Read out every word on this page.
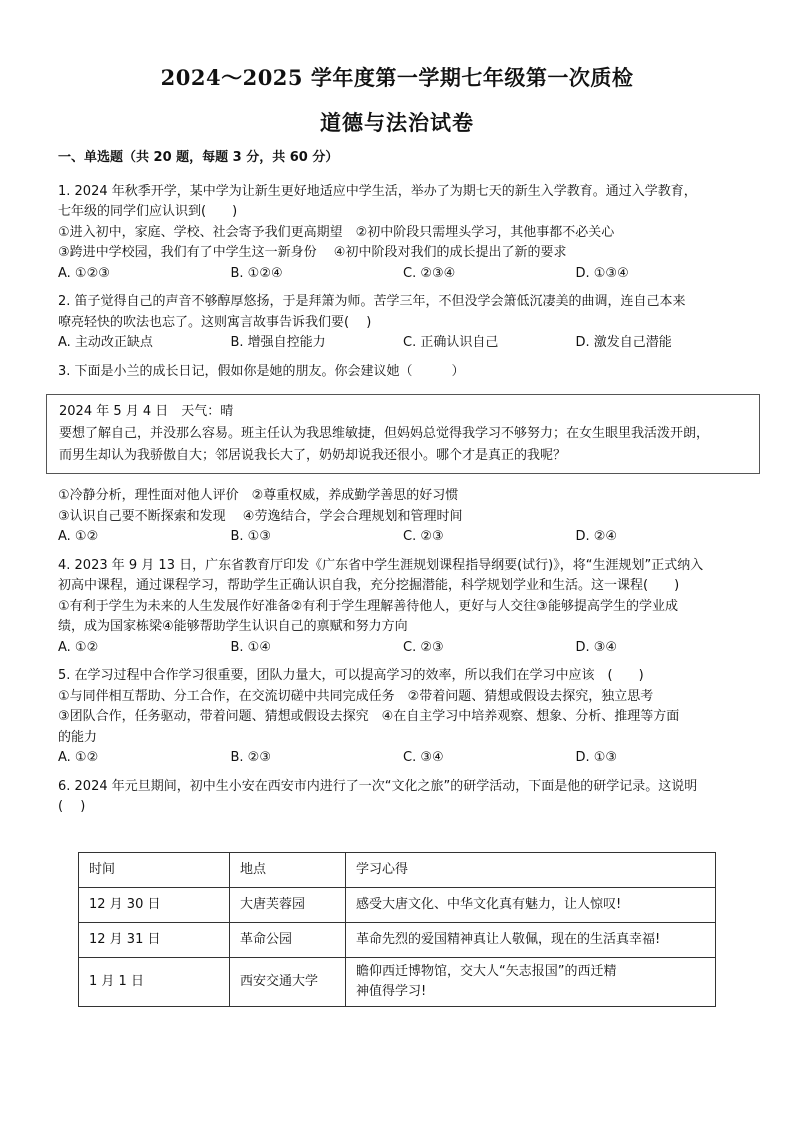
2024～2025 学年度第一学期七年级第一次质检
道德与法治试卷
一、单选题（共 20 题，每题 3 分，共 60 分）

1. 2024 年秋季开学，某中学为让新生更好地适应中学生活，举办了为期七天的新生入学教育。通过入学教育，

七年级的同学们应认识到(　　)

①进入初中，家庭、学校、社会寄予我们更高期望　②初中阶段只需埋头学习，其他事都不必关心

③跨进中学校园，我们有了中学生这一新身份　 ④初中阶段对我们的成长提出了新的要求

A. ①②③	B. ①②④	C. ②③④	D. ①③④

2. 笛子觉得自己的声音不够醇厚悠扬，于是拜箫为师。苦学三年，不但没学会箫低沉凄美的曲调，连自己本来

嘹亮轻快的吹法也忘了。这则寓言故事告诉我们要(　 )

A. 主动改正缺点	B. 增强自控能力	C. 正确认识自己	D. 激发自己潜能

3. 下面是小兰的成长日记，假如你是她的朋友。你会建议她（　　　）

2024 年 5 月 4 日　天气：晴
要想了解自己，并没那么容易。班主任认为我思维敏捷，但妈妈总觉得我学习不够努力；在女生眼里我活泼开朗，
而男生却认为我骄傲自大；邻居说我长大了，奶奶却说我还很小。哪个才是真正的我呢？

①冷静分析，理性面对他人评价　②尊重权威，养成勤学善思的好习惯

③认识自己要不断探索和发现　 ④劳逸结合，学会合理规划和管理时间

A. ①②	B. ①③	C. ②③	D. ②④

4. 2023 年 9 月 13 日，广东省教育厅印发《广东省中学生涯规划课程指导纲要(试行)》，将“生涯规划”正式纳入

初高中课程，通过课程学习，帮助学生正确认识自我，充分挖掘潜能，科学规划学业和生活。这一课程(　　)

①有利于学生为未来的人生发展作好准备②有利于学生理解善待他人，更好与人交往③能够提高学生的学业成

绩，成为国家栋梁④能够帮助学生认识自己的禀赋和努力方向

A. ①②	B. ①④	C. ②③	D. ③④

5. 在学习过程中合作学习很重要，团队力量大，可以提高学习的效率，所以我们在学习中应该　(　　)

①与同伴相互帮助、分工合作，在交流切磋中共同完成任务　②带着问题、猜想或假设去探究，独立思考

③团队合作，任务驱动，带着问题、猜想或假设去探究　④在自主学习中培养观察、想象、分析、推理等方面

的能力

A. ①②	B. ②③	C. ③④	D. ①③

6. 2024 年元旦期间，初中生小安在西安市内进行了一次“文化之旅”的研学活动，下面是他的研学记录。这说明

(　 )

时间	地点	学习心得
12 月 30 日	大唐芙蓉园	感受大唐文化、中华文化真有魅力，让人惊叹!
12 月 31 日	革命公园	革命先烈的爱国精神真让人敬佩，现在的生活真幸福!
1 月 1 日	西安交通大学	瞻仰西迁博物馆，交大人“矢志报国”的西迁精
神值得学习!
